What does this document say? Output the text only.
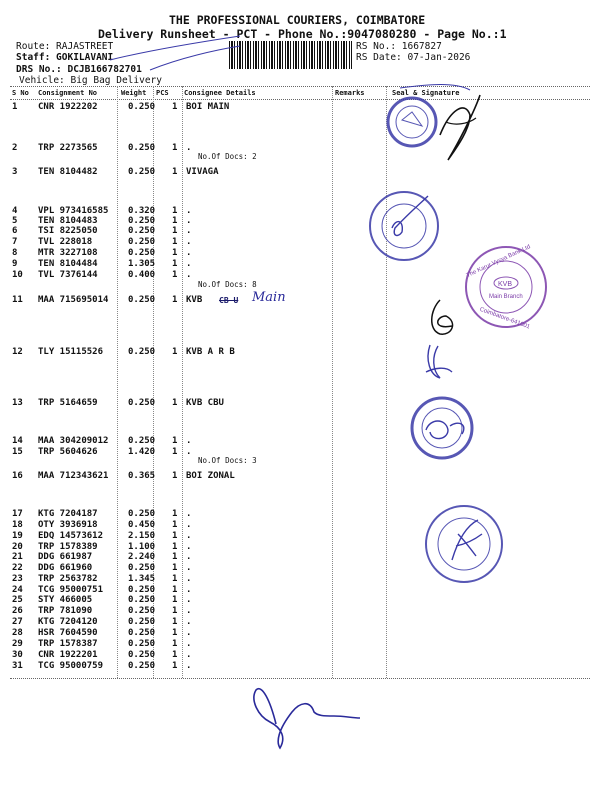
THE PROFESSIONAL COURIERS, COIMBATORE
Delivery Runsheet - PCT - Phone No.:9047080280 - Page No.:1
Route: RAJASTREET
Staff: GOKILAVANI
DRS No.: DCJB166782701
Vehicle: Big Bag Delivery
RS No.: 1667827
RS Date: 07-Jan-2026
S No Consignment No	Weight PCS Consignee Details	Remarks	Seal & Signature
1 CNR 1922202	0.250 1 BOI MAIN
2 TRP 2273565	0.250 1 .
3 TEN 8104482	0.250 1 VIVAGA
4 VPL 973416585 0.320 1 .
5 TEN 8104483	0.250 1 .
6 TSI 8225050	0.250 1 .
7 TVL 228018	0.250 1 .
8 MTR 3227108	0.250 1 .
9 TEN 8104484	1.305 1 .
10 TVL 7376144	0.400 1 .
11 MAA 715695014 0.250 1 KVB
12 TLY 15115526	0.250 1 KVB A R B
13 TRP 5164659	0.250 1 KVB CBU
14 MAA 304209012 0.250 1 .
15 TRP 5604626	1.420 1 .
16 MAA 712343621 0.365 1 BOI ZONAL
17 KTG 7204187	0.250 1 .
18 OTY 3936918	0.450 1 .
19 EDQ 14573612	2.150 1 .
20 TRP 1578389	1.100 1 .
21 DDG 661987	2.240 1 .
22 DDG 661960	0.250 1 .
23 TRP 2563782	1.345 1 .
24 TCG 95000751	0.250 1 .
25 STY 466005	0.250 1 .
26 TRP 781090	0.250 1 .
27 KTG 7204120	0.250 1 .
28 HSR 7604590	0.250 1 .
29 TRP 1578387	0.250 1 .
30 CNR 1922201	0.250 1 .
31 TCG 95000759	0.250 1 .
No.Of Docs: 2
No.Of Docs: 8
No.Of Docs: 3
CB U Main
KVB
Main Branch
The Karur Vysya Bank Ltd
Coimbatore-641001
